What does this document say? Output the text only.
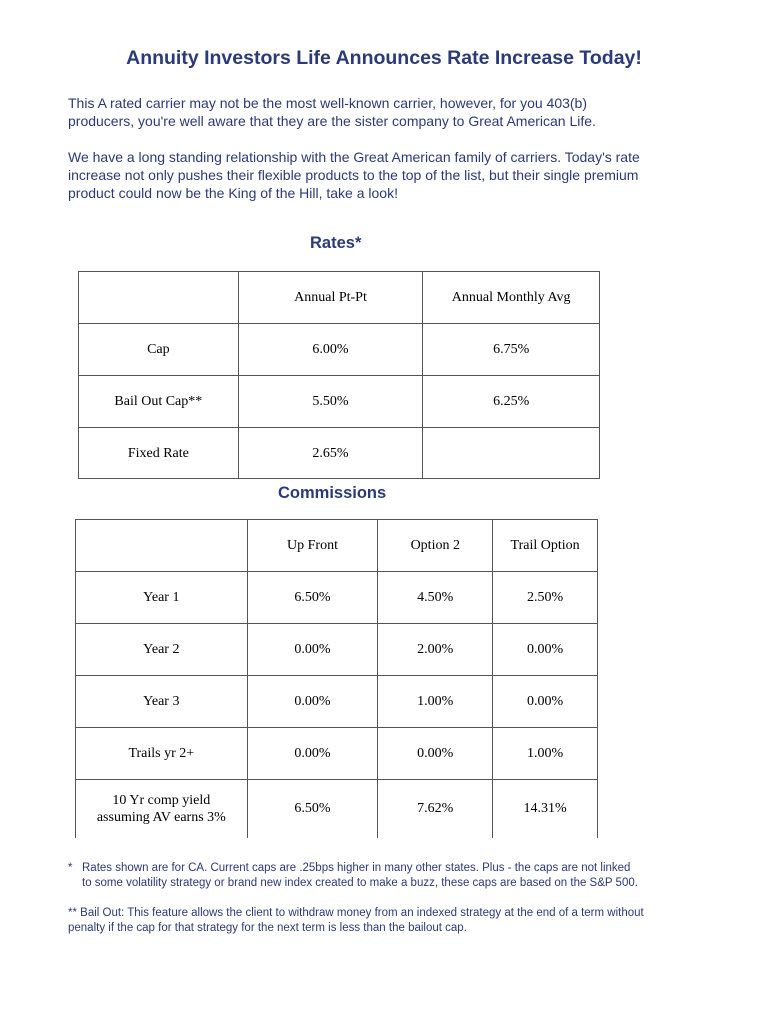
Annuity Investors Life Announces Rate Increase Today!
This A rated carrier may not be the most well-known carrier, however, for you 403(b)
producers, you're well aware that they are the sister company to Great American Life.
We have a long standing relationship with the Great American family of carriers. Today's rate
increase not only pushes their flexible products to the top of the list, but their single premium
product could now be the King of the Hill, take a look!
Rates*
	Annual Pt-Pt	Annual Monthly Avg
Cap	6.00%	6.75%
Bail Out Cap**	5.50%	6.25%
Fixed Rate	2.65%	
Commissions
	Up Front	Option 2	Trail Option
Year 1	6.50%	4.50%	2.50%
Year 2	0.00%	2.00%	0.00%
Year 3	0.00%	1.00%	0.00%
Trails yr 2+	0.00%	0.00%	1.00%

10 Yr comp yield
assuming AV earns 3%	6.50%	7.62%	14.31%
* Rates shown are for CA. Current caps are .25bps higher in many other states. Plus - the caps are not linked
to some volatility strategy or brand new index created to make a buzz, these caps are based on the S&P 500.
** Bail Out: This feature allows the client to withdraw money from an indexed strategy at the end of a term without
penalty if the cap for that strategy for the next term is less than the bailout cap.
